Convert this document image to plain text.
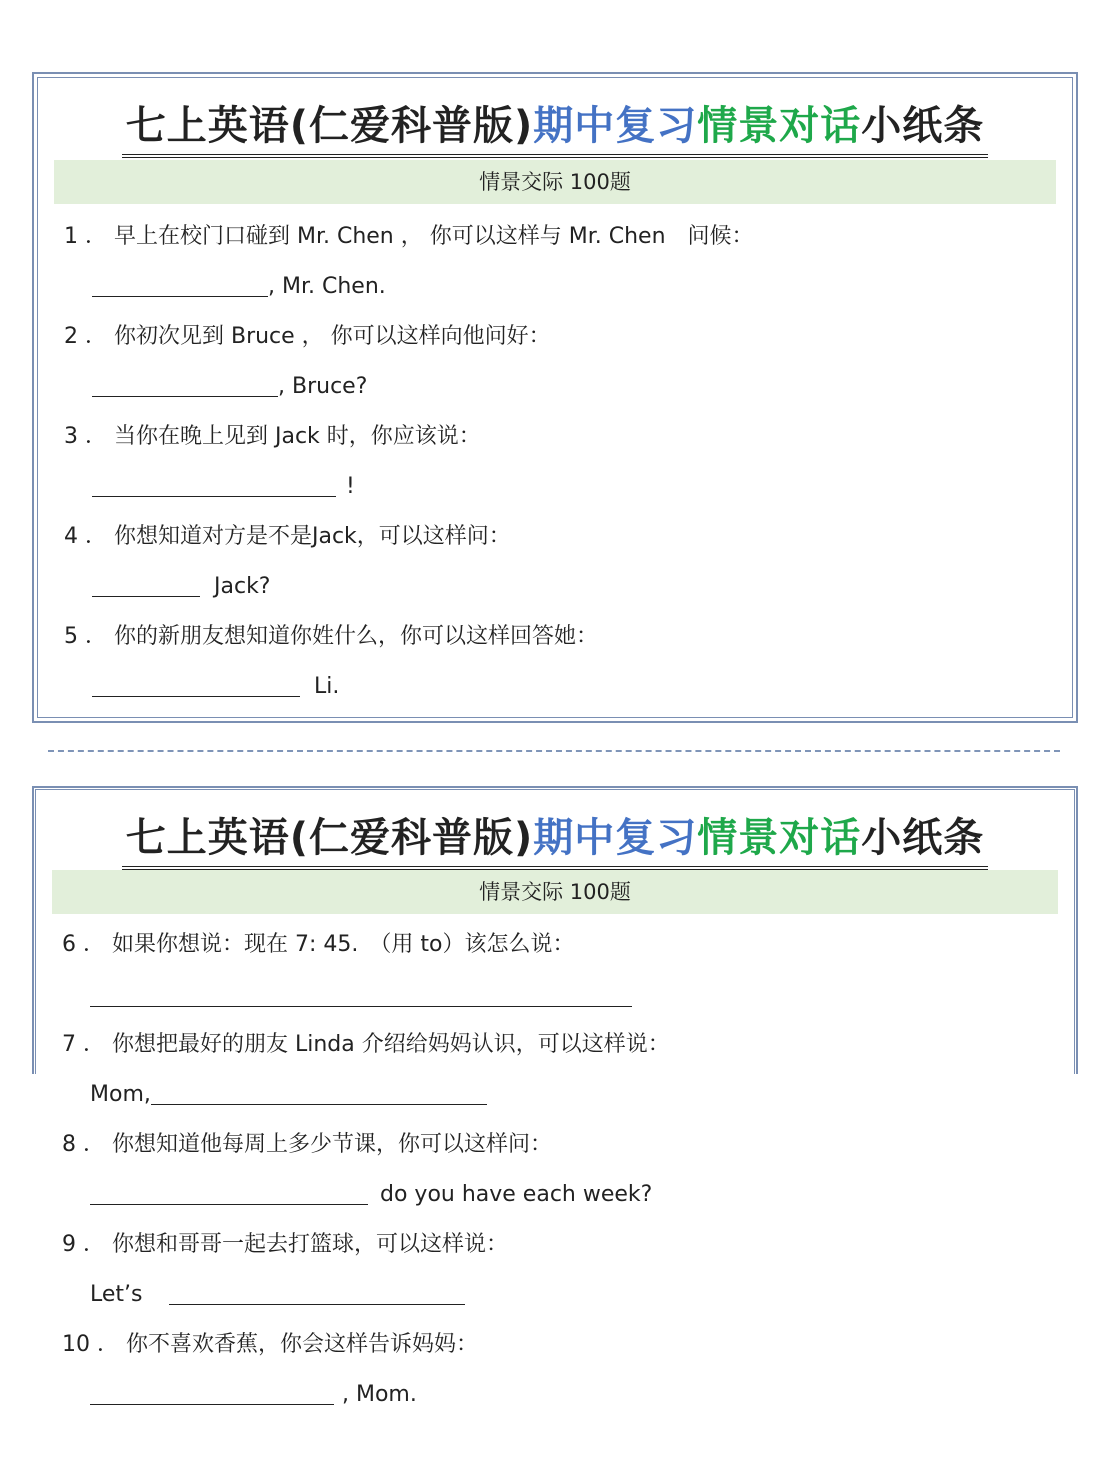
七上英语(仁爱科普版)期中复习情景对话小纸条
情景交际 100题
1 ． 早上在校门口碰到 Mr. Chen ， 你可以这样与 Mr. Chen　问候：
, Mr. Chen.
2 ． 你初次见到 Bruce ， 你可以这样向他问好：
, Bruce?
3 ． 当你在晚上见到 Jack 时，你应该说：
!
4 ． 你想知道对方是不是Jack，可以这样问：
Jack?
5 ． 你的新朋友想知道你姓什么，你可以这样回答她：
Li.
七上英语(仁爱科普版)期中复习情景对话小纸条
情景交际 100题
6 ． 如果你想说：现在 7: 45.　（用 to）该怎么说：
7 ． 你想把最好的朋友 Linda 介绍给妈妈认识，可以这样说：
Mom,
8 ． 你想知道他每周上多少节课，你可以这样问：
do you have each week?
9 ． 你想和哥哥一起去打篮球，可以这样说：
Let’s
10 ． 你不喜欢香蕉，你会这样告诉妈妈：
, Mom.
